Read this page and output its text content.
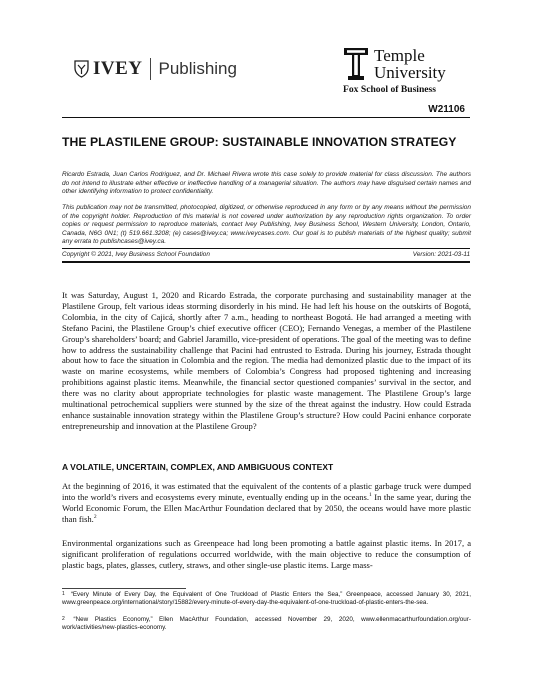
IVEY Publishing
Temple
University
Fox School of Business
W21106
THE PLASTILENE GROUP: SUSTAINABLE INNOVATION STRATEGY
Ricardo Estrada, Juan Carlos Rodriguez, and Dr. Michael Rivera wrote this case solely to provide material for class discussion. The authors do not intend to illustrate either effective or ineffective handling of a managerial situation. The authors may have disguised certain names and other identifying information to protect confidentiality.
This publication may not be transmitted, photocopied, digitized, or otherwise reproduced in any form or by any means without the permission of the copyright holder. Reproduction of this material is not covered under authorization by any reproduction rights organization. To order copies or request permission to reproduce materials, contact Ivey Publishing, Ivey Business School, Western University, London, Ontario, Canada, N6G 0N1; (t) 519.661.3208; (e) cases@ivey.ca; www.iveycases.com. Our goal is to publish materials of the highest quality; submit any errata to publishcases@ivey.ca.
Copyright © 2021, Ivey Business School Foundation	Version: 2021-03-11
It was Saturday, August 1, 2020 and Ricardo Estrada, the corporate purchasing and sustainability manager at the Plastilene Group, felt various ideas storming disorderly in his mind. He had left his house on the outskirts of Bogotá, Colombia, in the city of Cajicá, shortly after 7 a.m., heading to northeast Bogotá. He had arranged a meeting with Stefano Pacini, the Plastilene Group’s chief executive officer (CEO); Fernando Venegas, a member of the Plastilene Group’s shareholders’ board; and Gabriel Jaramillo, vice-president of operations. The goal of the meeting was to define how to address the sustainability challenge that Pacini had entrusted to Estrada. During his journey, Estrada thought about how to face the situation in Colombia and the region. The media had demonized plastic due to the impact of its waste on marine ecosystems, while members of Colombia’s Congress had proposed tightening and increasing prohibitions against plastic items. Meanwhile, the financial sector questioned companies’ survival in the sector, and there was no clarity about appropriate technologies for plastic waste management. The Plastilene Group’s large multinational petrochemical suppliers were stunned by the size of the threat against the industry. How could Estrada enhance sustainable innovation strategy within the Plastilene Group’s structure? How could Pacini enhance corporate entrepreneurship and innovation at the Plastilene Group?
A VOLATILE, UNCERTAIN, COMPLEX, AND AMBIGUOUS CONTEXT
At the beginning of 2016, it was estimated that the equivalent of the contents of a plastic garbage truck were dumped into the world’s rivers and ecosystems every minute, eventually ending up in the oceans.$^1$ In the same year, during the World Economic Forum, the Ellen MacArthur Foundation declared that by 2050, the oceans would have more plastic than fish.$^2$
Environmental organizations such as Greenpeace had long been promoting a battle against plastic items. In 2017, a significant proliferation of regulations occurred worldwide, with the main objective to reduce the consumption of plastic bags, plates, glasses, cutlery, straws, and other single-use plastic items. Large mass-
1 “Every Minute of Every Day, the Equivalent of One Truckload of Plastic Enters the Sea,” Greenpeace, accessed January 30, 2021, www.greenpeace.org/international/story/15882/every-minute-of-every-day-the-equivalent-of-one-truckload-of-plastic-enters-the-sea.
2 “New Plastics Economy,” Ellen MacArthur Foundation, accessed November 29, 2020, www.ellenmacarthurfoundation.org/our-work/activities/new-plastics-economy.
